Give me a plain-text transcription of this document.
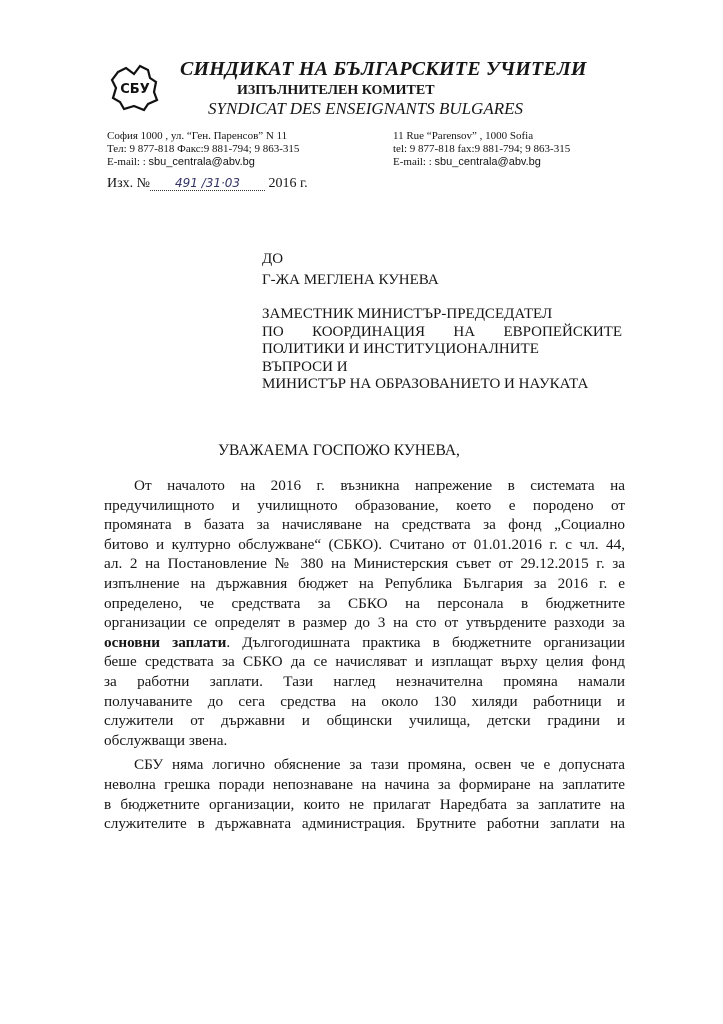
СБУ
СИНДИКАТ НА БЪЛГАРСКИТЕ УЧИТЕЛИ
ИЗПЪЛНИТЕЛЕН КОМИТЕТ
SYNDICAT DES ENSEIGNANTS BULGARES
София 1000 , ул. “Ген. Паренсов” N 11
Тел: 9 877-818 Факс:9 881-794; 9 863-315
E-mail: : sbu_centrala@abv.bg
11 Rue “Parensov” , 1000 Sofia
tel: 9 877-818 fax:9 881-794; 9 863-315
E-mail: : sbu_centrala@abv.bg
Изх. № 491 /31·03 2016 г.
ДО
Г-ЖА МЕГЛЕНА КУНЕВА
ЗАМЕСТНИК МИНИСТЪР-ПРЕДСЕДАТЕЛ
ПО КООРДИНАЦИЯ НА ЕВРОПЕЙСКИТЕ
ПОЛИТИКИ И ИНСТИТУЦИОНАЛНИТЕ
ВЪПРОСИ И
МИНИСТЪР НА ОБРАЗОВАНИЕТО И НАУКАТА
УВАЖАЕМА ГОСПОЖО КУНЕВА,
От началото на 2016 г. възникна напрежение в системата на
предучилищното и училищното образование, което е породено от
промяната в базата за начисляване на средствата за фонд „Социално
битово и културно обслужване“ (СБКО). Считано от 01.01.2016 г. с чл. 44,
ал. 2 на Постановление № 380 на Министерския съвет от 29.12.2015 г. за
изпълнение на държавния бюджет на Република България за 2016 г. е
определено, че средствата за СБКО на персонала в бюджетните
организации се определят в размер до 3 на сто от утвърдените разходи за
основни заплати. Дългогодишната практика в бюджетните организации
беше средствата за СБКО да се начисляват и изплащат върху целия фонд
за работни заплати. Тази наглед незначителна промяна намали
получаваните до сега средства на около 130 хиляди работници и
служители от държавни и общински училища, детски градини и
обслужващи звена.
СБУ няма логично обяснение за тази промяна, освен че е допусната
неволна грешка поради непознаване на начина за формиране на заплатите
в бюджетните организации, които не прилагат Наредбата за заплатите на
служителите в държавната администрация. Брутните работни заплати на
